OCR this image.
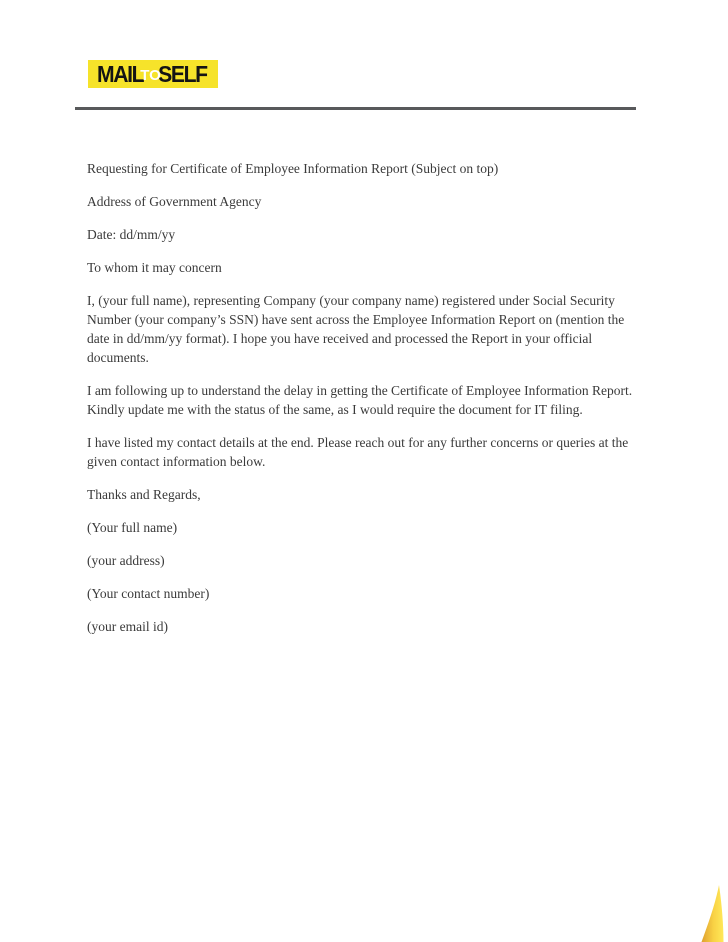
MAIL
TO
SELF

Requesting for Certificate of Employee Information Report (Subject on top)

Address of Government Agency

Date: dd/mm/yy

To whom it may concern

I, (your full name), representing Company (your company name) registered under Social Security Number (your company’s SSN) have sent across the Employee Information Report on (mention the date in dd/mm/yy format). I hope you have received and processed the Report in your official documents.

I am following up to understand the delay in getting the Certificate of Employee Information Report. Kindly update me with the status of the same, as I would require the document for IT filing.

I have listed my contact details at the end. Please reach out for any further concerns or queries at the given contact information below.

Thanks and Regards,

(Your full name)

(your address)

(Your contact number)

(your email id)
